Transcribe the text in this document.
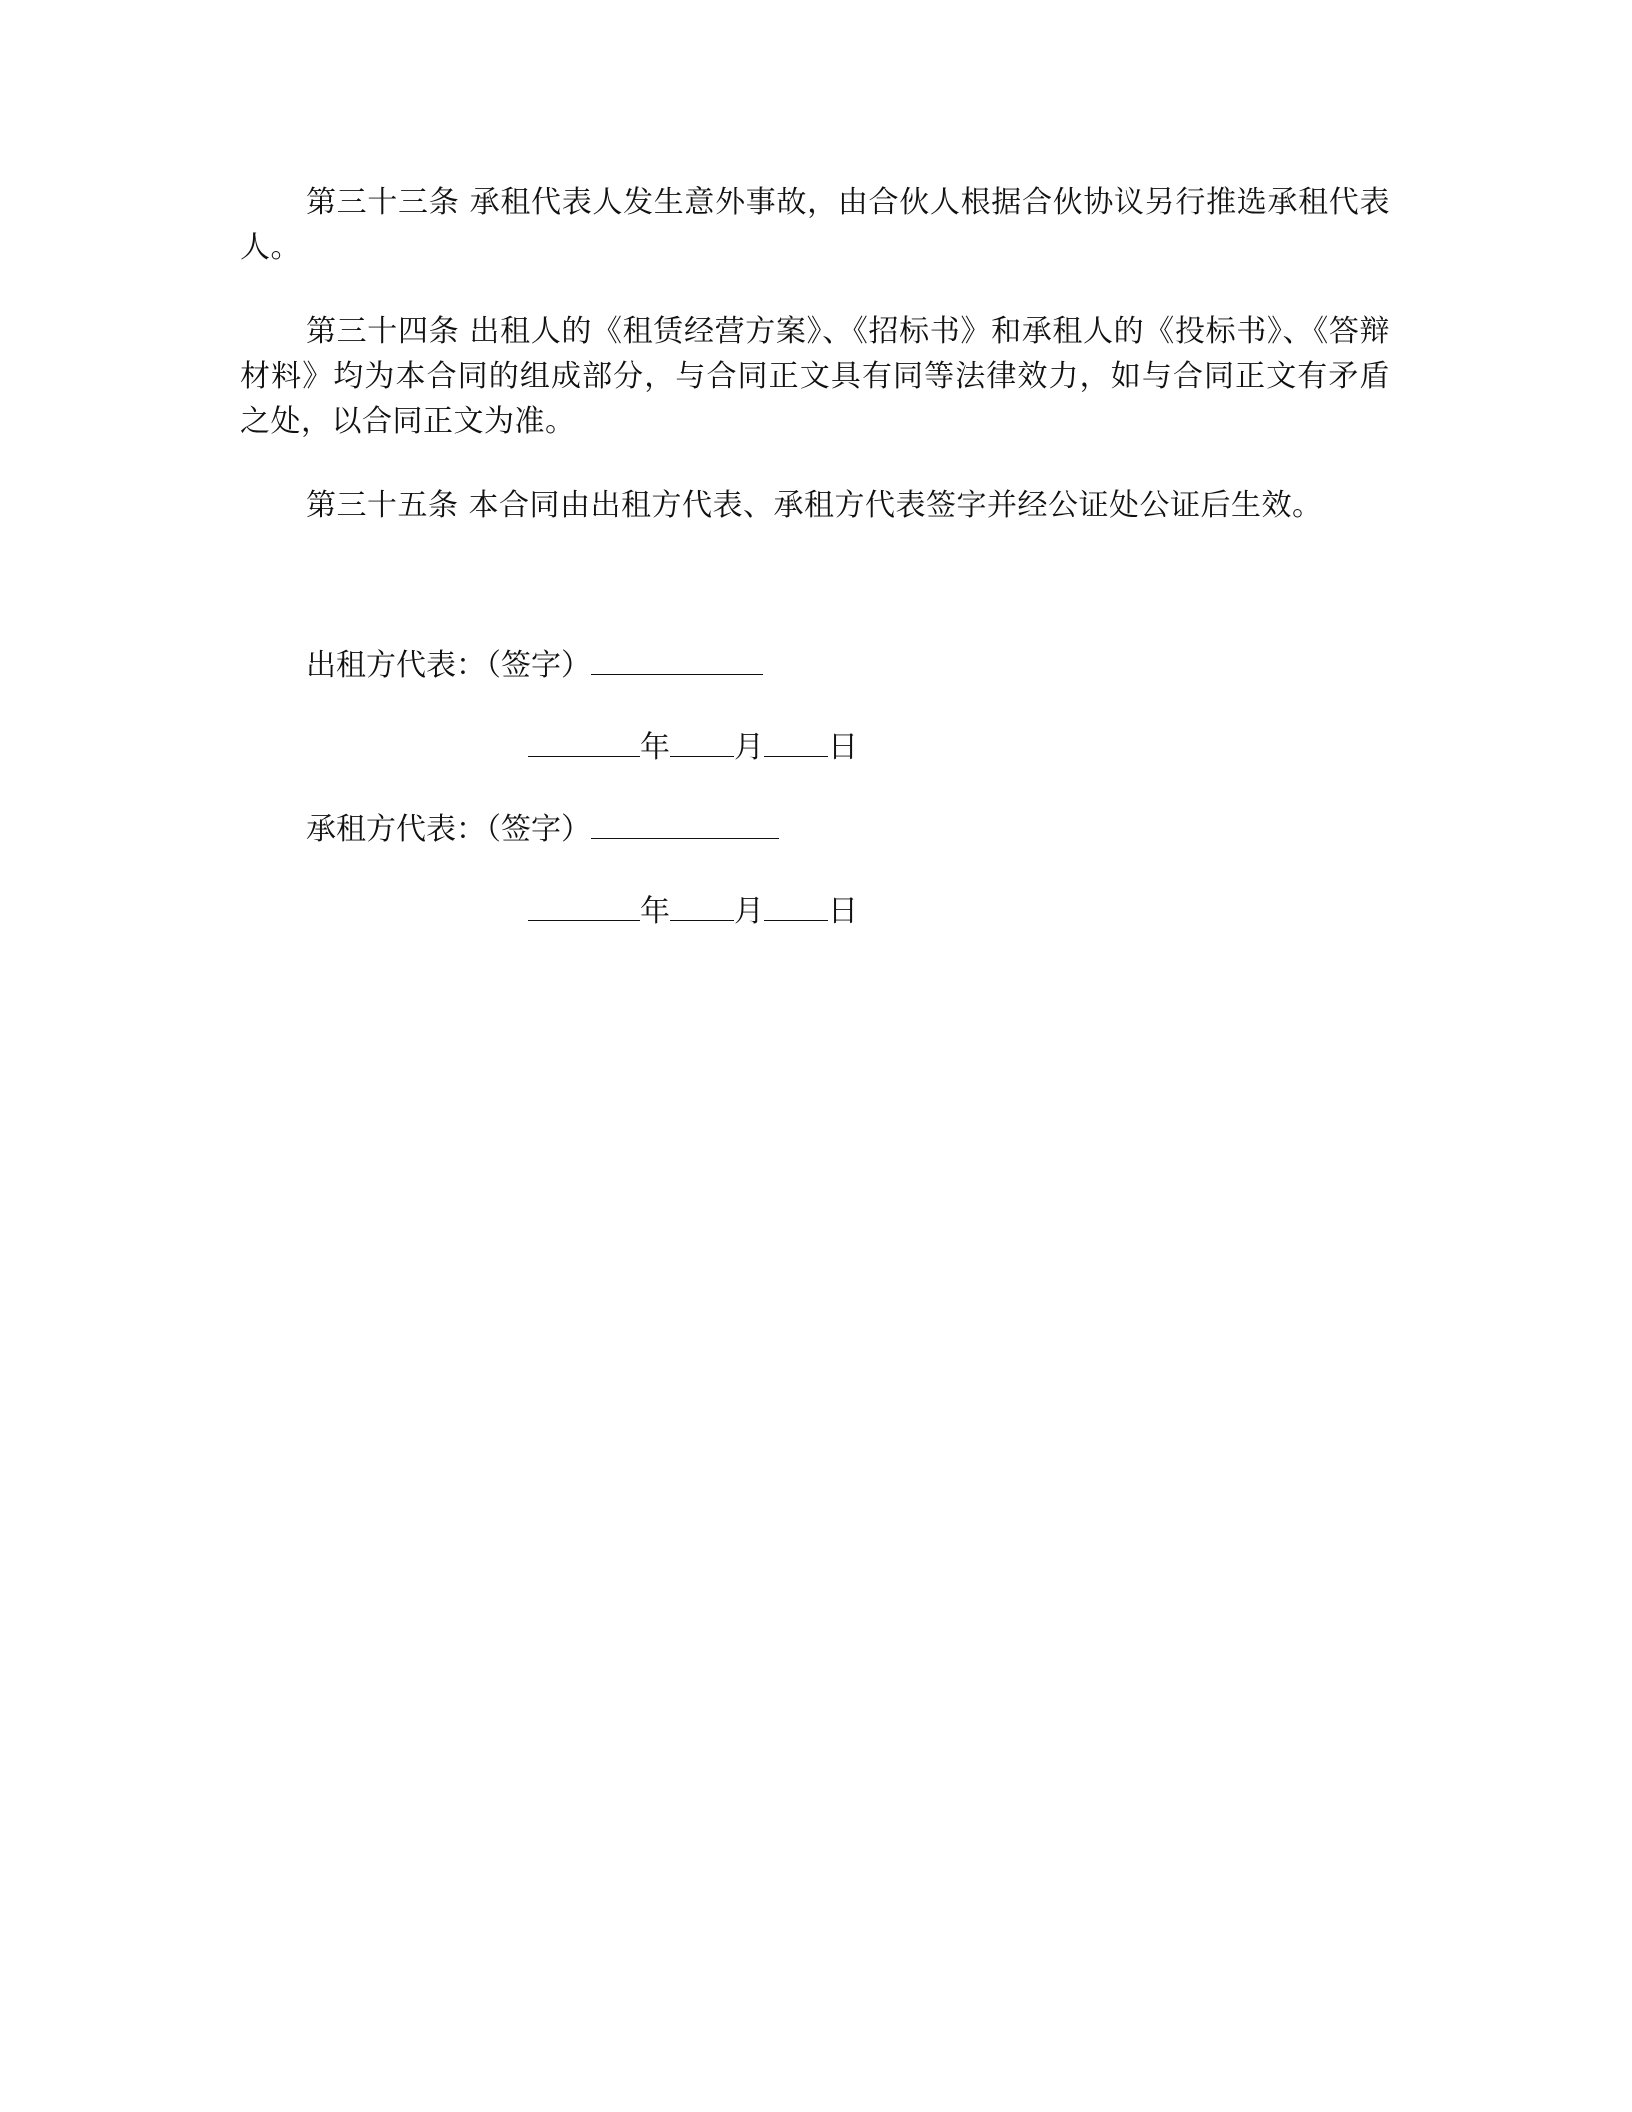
第三十三条 承租代表人发生意外事故，由合伙人根据合伙协议另行推选承租代表人。

第三十四条 出租人的《租赁经营方案》、《招标书》和承租人的《投标书》、《答辩材料》均为本合同的组成部分，与合同正文具有同等法律效力，如与合同正文有矛盾之处，以合同正文为准。

第三十五条 本合同由出租方代表、承租方代表签字并经公证处公证后生效。

出租方代表：（签字）
年 月 日
承租方代表：（签字）
年 月 日
